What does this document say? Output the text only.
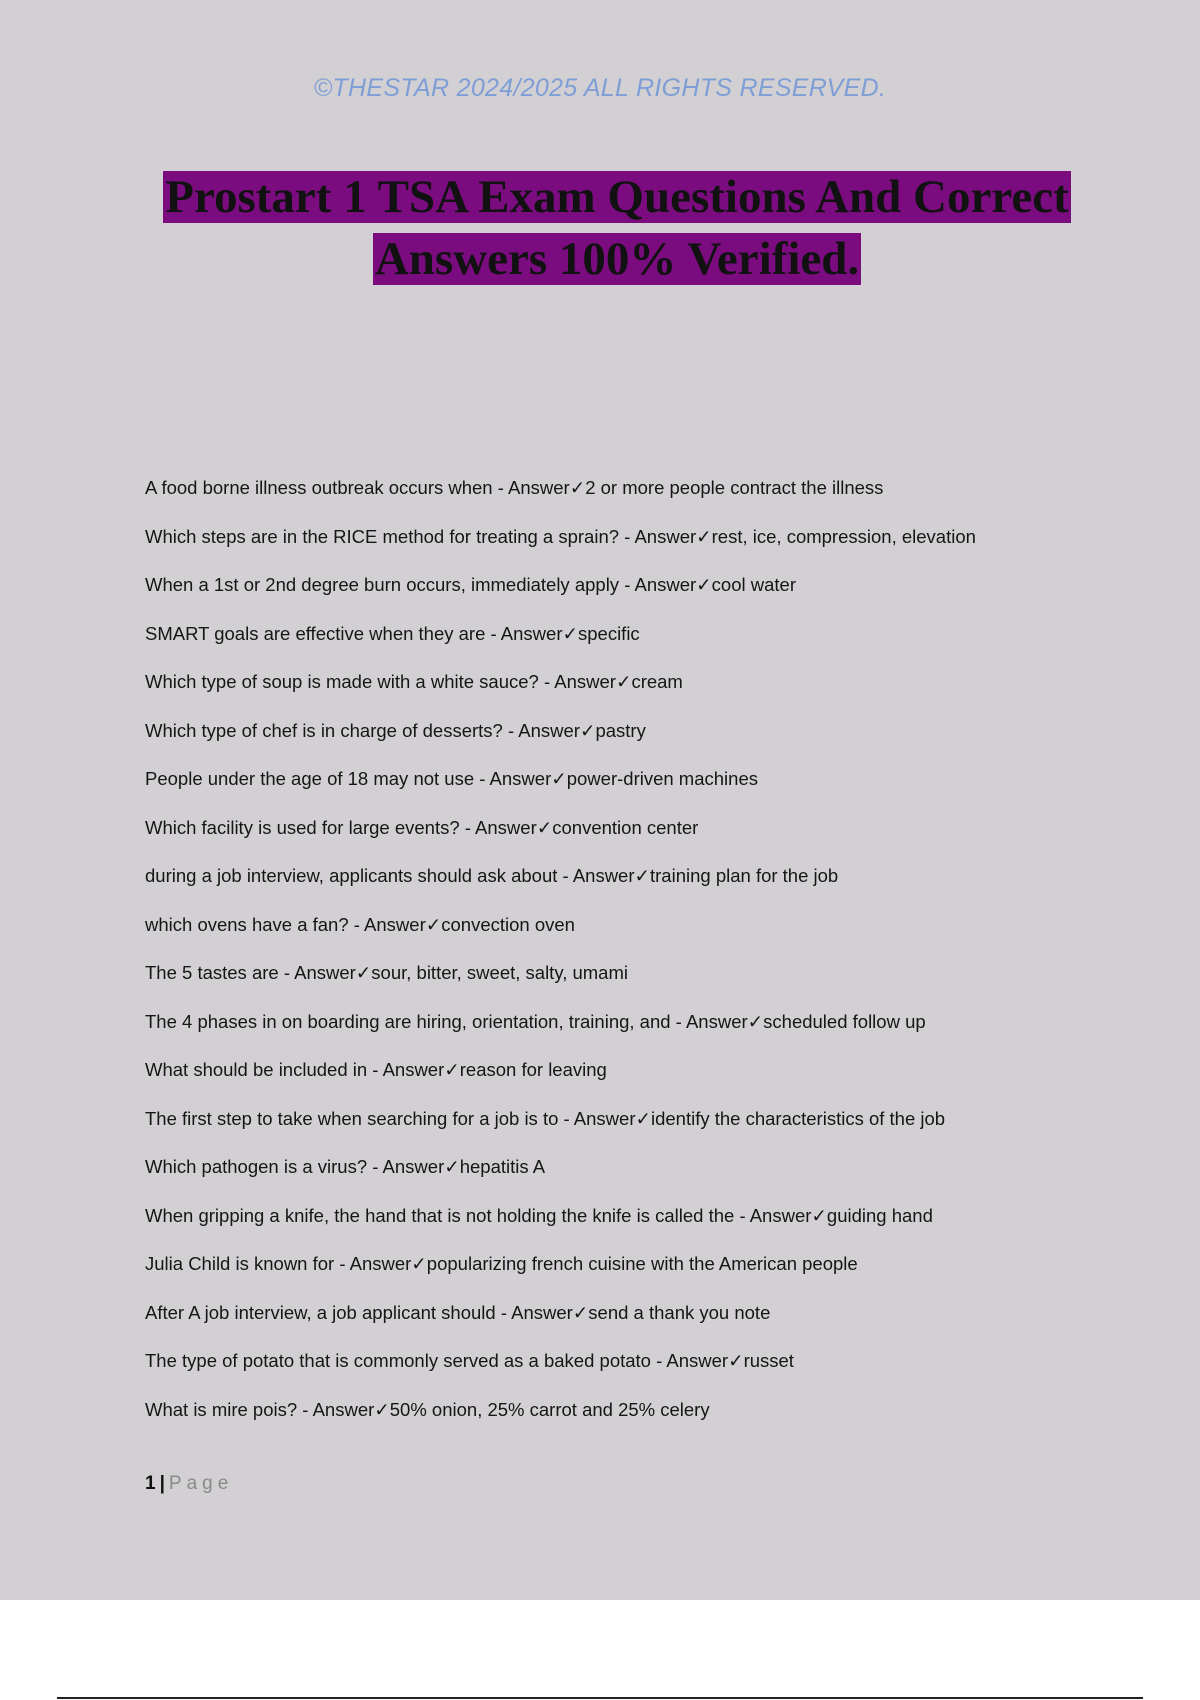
©THESTAR 2024/2025 ALL RIGHTS RESERVED.
Prostart 1 TSA Exam Questions And Correct
Answers 100% Verified.
A food borne illness outbreak occurs when - Answer✓2 or more people contract the illness
Which steps are in the RICE method for treating a sprain? - Answer✓rest, ice, compression, elevation
When a 1st or 2nd degree burn occurs, immediately apply - Answer✓cool water
SMART goals are effective when they are - Answer✓specific
Which type of soup is made with a white sauce? - Answer✓cream
Which type of chef is in charge of desserts? - Answer✓pastry
People under the age of 18 may not use - Answer✓power-driven machines
Which facility is used for large events? - Answer✓convention center
during a job interview, applicants should ask about - Answer✓training plan for the job
which ovens have a fan? - Answer✓convection oven
The 5 tastes are - Answer✓sour, bitter, sweet, salty, umami
The 4 phases in on boarding are hiring, orientation, training, and - Answer✓scheduled follow up
What should be included in - Answer✓reason for leaving
The first step to take when searching for a job is to - Answer✓identify the characteristics of the job
Which pathogen is a virus? - Answer✓hepatitis A
When gripping a knife, the hand that is not holding the knife is called the - Answer✓guiding hand
Julia Child is known for - Answer✓popularizing french cuisine with the American people
After A job interview, a job applicant should - Answer✓send a thank you note
The type of potato that is commonly served as a baked potato - Answer✓russet
What is mire pois? - Answer✓50% onion, 25% carrot and 25% celery
1 | Page
